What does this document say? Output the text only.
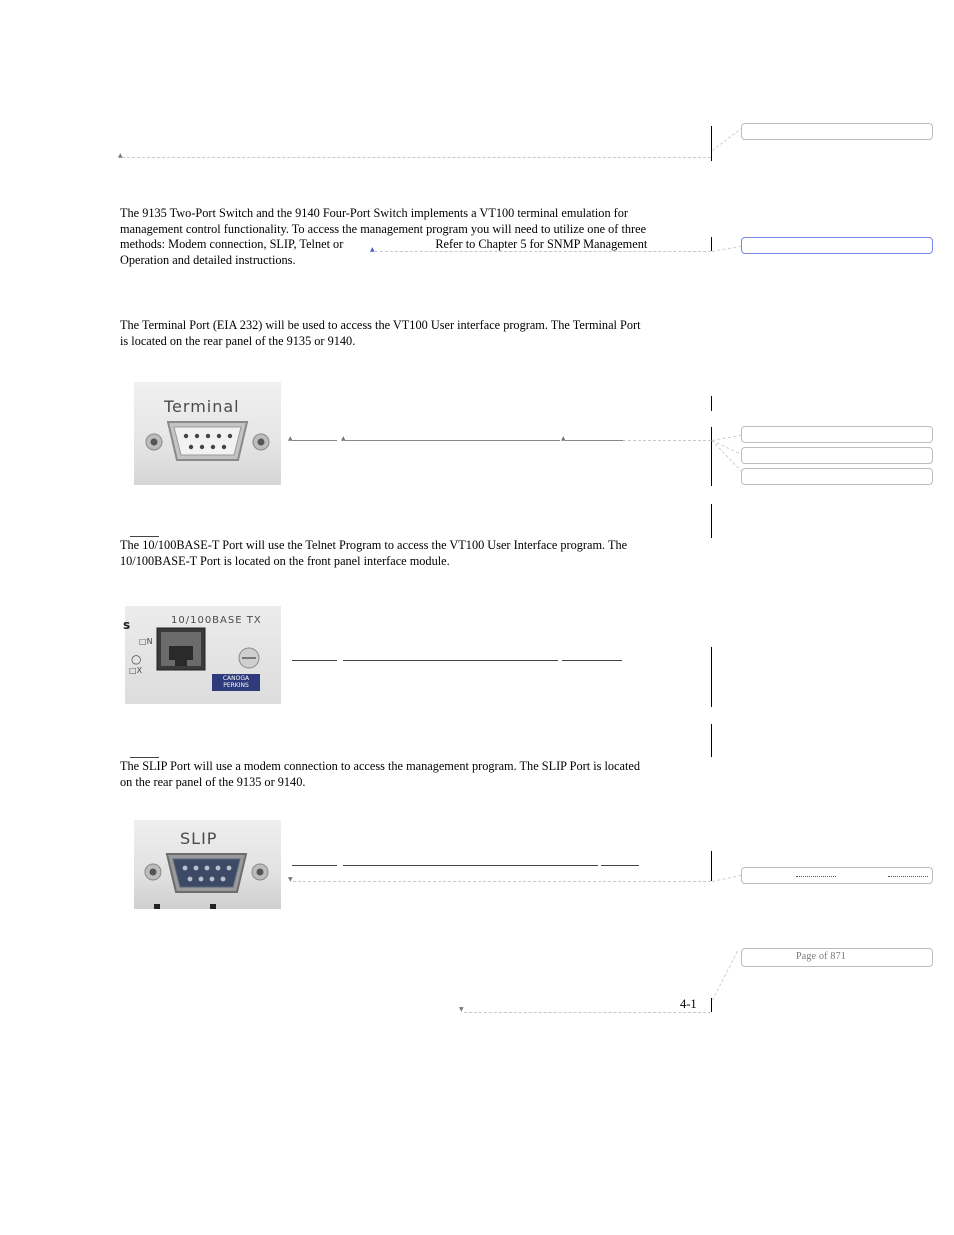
The 9135 Two-Port Switch and the 9140 Four-Port Switch implements a VT100 terminal emulation for
management control functionality. To access the management program you will need to utilize one of three
methods: Modem connection, SLIP, Telnet or	Refer to Chapter 5 for SNMP Management
Operation and detailed instructions.
The Terminal Port (EIA 232) will be used to access the VT100 User interface program. The Terminal Port
is located on the rear panel of the 9135 or 9140.
The 10/100BASE-T Port will use the Telnet Program to access the VT100 User Interface program. The
10/100BASE-T Port is located on the front panel interface module.
The SLIP Port will use a modem connection to access the management program. The SLIP Port is located
on the rear panel of the 9135 or 9140.
Terminal
s	10/100BASE TX
□N
○
□X
CANOGA
PERKINS
SLIP
▲
▲
▲	▲	▲
▼
▼
Page of 871
4-1
